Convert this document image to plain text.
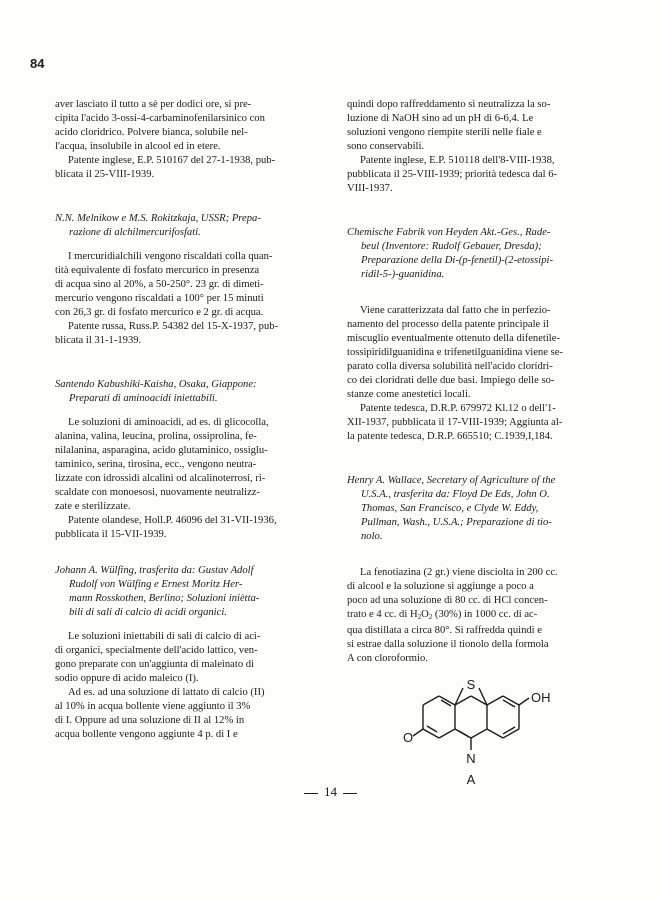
84

aver lasciato il tutto a sè per dodici ore, si pre-

cipita l'acido 3-ossi-4-carbaminofenilarsinico con

acido cloridrico. Polvere bianca, solubile nel-

l'acqua, insolubile in alcool ed in etere.

Patente inglese, E.P. 510167 del 27-1-1938, pub-

blicata il 25-VIII-1939.

N.N. Melnikow e M.S. Rokitzkaja, USSR; Prepa-
razione di alchilmercurifosfati.

I mercuridialchili vengono riscaldati colla quan-

tità equivalente di fosfato mercurico in presenza

di acqua sino al 20%, a 50-250°. 23 gr. di dimeti-

mercurio vengono riscaldati a 100° per 15 minuti

con 26,3 gr. di fosfato mercurico e 2 gr. di acqua.

Patente russa, Russ.P. 54382 del 15-X-1937, pub-

blicata il 31-1-1939.

Santendo Kabushiki-Kaisha, Osaka, Giappone:
Preparati di aminoacidi iniettabili.

Le soluzioni di aminoacidi, ad es. di glicocolla,

alanina, valina, leucina, prolina, ossiprolina, fe-

nilalanina, asparagina, acido glutaminico, ossiglu-

taminico, serina, tirosina, ecc., vengono neutra-

lizzate con idrossidi alcalini od alcalinoterrosi, ri-

scaldate con monoesosi, nuovamente neutralizz-

zate e sterilizzate.

Patente olandese, Holl.P. 46096 del 31-VII-1936,

pubblicata il 15-VII-1939.

Johann A. Wülfing, trasferita da: Gustav Adolf
Rudolf von Wülfing e Ernest Moritz Her-
mann Rosskothen, Berlino; Soluzioni iniètta-
bili di sali di calcio di acidi organici.

Le soluzioni iniettabili di sali di calcio di aci-

di organici, specialmente dell'acido lattico, ven-

gono preparate con un'aggiunta di maleinato di

sodio oppure di acido maleico (I).

Ad es. ad una soluzione di lattato di calcio (II)

al 10% in acqua bollente viene aggiunto il 3%

di I. Oppure ad una soluzione di II al 12% in

acqua bollente vengono aggiunte 4 p. di I e

quindi dopo raffreddamento si neutralizza la so-

luzione di NaOH sino ad un pH di 6-6,4. Le

soluzioni vengono riempite sterili nelle fiale e

sono conservabili.

Patente inglese, E.P. 510118 dell'8-VIII-1938,

pubblicata il 25-VIII-1939; priorità tedesca dal 6-

VIII-1937.

Chemische Fabrik von Heyden Akt.-Ges., Rade-
beul (Inventore: Rudolf Gebauer, Dresda);
Preparazione della Di-(p-fenetil)-(2-etossipi-
ridil-5-)-guanidina.

Viene caratterizzata dal fatto che in perfezio-

namento del processo della patente principale il

miscuglio eventualmente ottenuto della difenetile-

tossipiridilguanidina e trifenetilguanidina viene se-

parato colla diversa solubilità nell'acido clorídri-

co dei cloridrati delle due basi. Impiego delle so-

stanze come anestetici locali.

Patente tedesca, D.R.P. 679972 Kl.12 o dell'1-

XII-1937, pubblicata il 17-VIII-1939; Aggiunta al-

la patente tedesca, D.R.P. 665510; C.1939,I,184.

Henry A. Wallace, Secretary of Agriculture of the
U.S.A., trasferita da: Floyd De Eds, John O.
Thomas, San Francisco, e Clyde W. Eddy,
Pullman, Wash., U.S.A.; Preparazione di tio-
nolo.

La fenotiazina (2 gr.) viene disciolta in 200 cc.

di alcool e la soluzione si aggiunge a poco a

poco ad una soluzione di 80 cc. di HCl concen-

trato e 4 cc. di $H_2O_2$ (30%) in 1000 cc. di ac-

qua distillata a circa 80°. Si raffredda quindi e

si estrae dalla soluzione il tionolo della formola

A con cloroformio.

S
OH
O
N
A
14
